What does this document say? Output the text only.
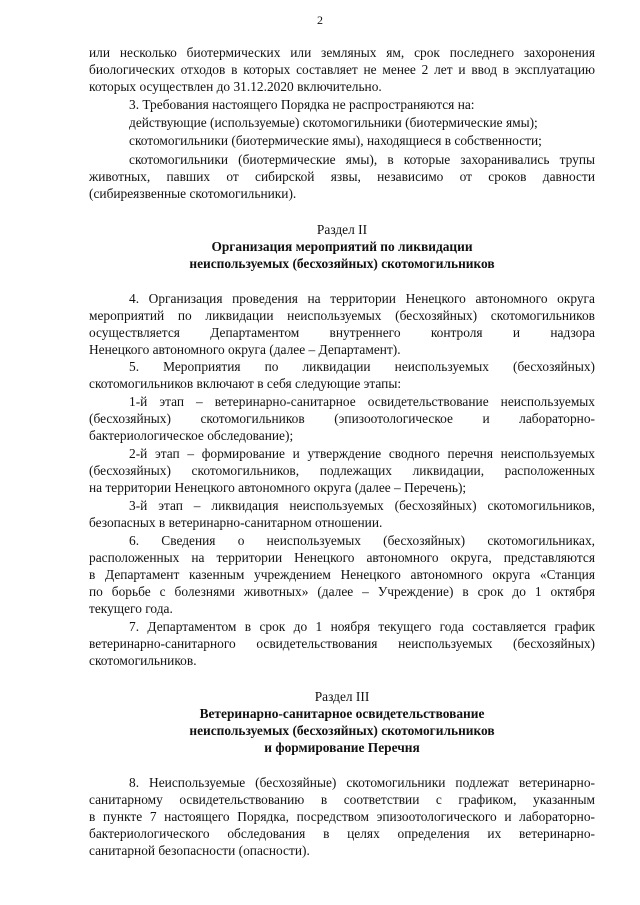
2
или несколько биотермических или земляных ям, срок последнего захоронения
биологических отходов в которых составляет не менее 2 лет и ввод в эксплуатацию
которых осуществлен до 31.12.2020 включительно.
3. Требования настоящего Порядка не распространяются на:
действующие (используемые) скотомогильники (биотермические ямы);
скотомогильники (биотермические ямы), находящиеся в собственности;
скотомогильники (биотермические ямы), в которые захоранивались трупы
животных, павших от сибирской язвы, независимо от сроков давности
(сибиреязвенные скотомогильники).
Раздел II
Организация мероприятий по ликвидации
неиспользуемых (бесхозяйных) скотомогильников
4. Организация проведения на территории Ненецкого автономного округа
мероприятий по ликвидации неиспользуемых (бесхозяйных) скотомогильников
осуществляется Департаментом внутреннего контроля и надзора
Ненецкого автономного округа (далее – Департамент).
5. Мероприятия по ликвидации неиспользуемых (бесхозяйных)
скотомогильников включают в себя следующие этапы:
1-й этап – ветеринарно-санитарное освидетельствование неиспользуемых
(бесхозяйных) скотомогильников (эпизоотологическое и лабораторно-
бактериологическое обследование);
2-й этап – формирование и утверждение сводного перечня неиспользуемых
(бесхозяйных) скотомогильников, подлежащих ликвидации, расположенных
на территории Ненецкого автономного округа (далее – Перечень);
3-й этап – ликвидация неиспользуемых (бесхозяйных) скотомогильников,
безопасных в ветеринарно-санитарном отношении.
6. Сведения о неиспользуемых (бесхозяйных) скотомогильниках,
расположенных на территории Ненецкого автономного округа, представляются
в Департамент казенным учреждением Ненецкого автономного округа «Станция
по борьбе с болезнями животных» (далее – Учреждение) в срок до 1 октября
текущего года.
7. Департаментом в срок до 1 ноября текущего года составляется график
ветеринарно-санитарного освидетельствования неиспользуемых (бесхозяйных)
скотомогильников.
Раздел III
Ветеринарно-санитарное освидетельствование
неиспользуемых (бесхозяйных) скотомогильников
и формирование Перечня
8. Неиспользуемые (бесхозяйные) скотомогильники подлежат ветеринарно-
санитарному освидетельствованию в соответствии с графиком, указанным
в пункте 7 настоящего Порядка, посредством эпизоотологического и лабораторно-
бактериологического обследования в целях определения их ветеринарно-
санитарной безопасности (опасности).
